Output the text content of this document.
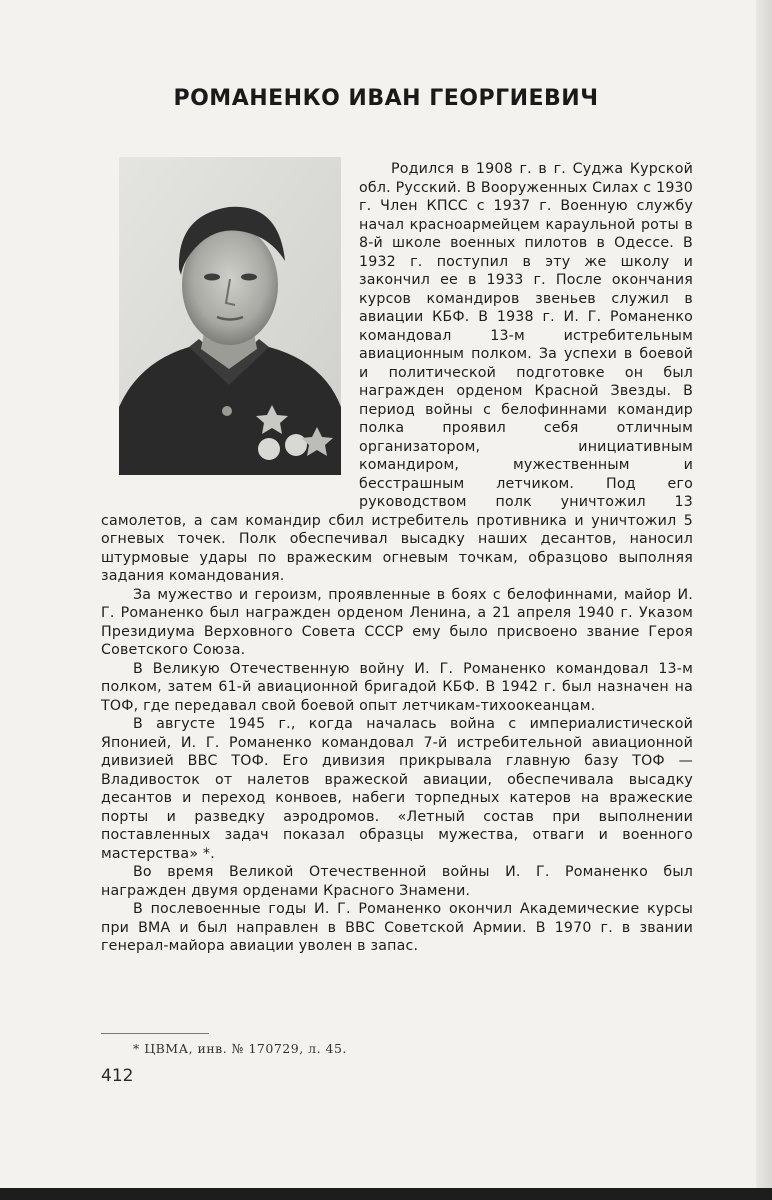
РОМАНЕНКО ИВАН ГЕОРГИЕВИЧ

Родился в 1908 г. в г. Суджа Курской обл. Русский. В Вооруженных Силах с 1930 г. Член КПСС с 1937 г. Военную службу начал красноармейцем караульной роты в 8-й школе военных пилотов в Одессе. В 1932 г. поступил в эту же школу и закончил ее в 1933 г. После окончания курсов командиров звеньев служил в авиации КБФ. В 1938 г. И. Г. Романенко командовал 13-м истребительным авиационным полком. За успехи в боевой и политической подготовке он был награжден орденом Красной Звезды. В период войны с белофиннами командир полка проявил себя отличным организатором, инициативным командиром, мужественным и бесстрашным летчиком. Под его руководством полк уничтожил 13 самолетов, а сам командир сбил истребитель противника и уничтожил 5 огневых точек. Полк обеспечивал высадку наших десантов, наносил штурмовые удары по вражеским огневым точкам, образцово выполняя задания командования.

За мужество и героизм, проявленные в боях с белофиннами, майор И. Г. Романенко был награжден орденом Ленина, а 21 апреля 1940 г. Указом Президиума Верховного Совета СССР ему было присвоено звание Героя Советского Союза.

В Великую Отечественную войну И. Г. Романенко командовал 13-м полком, затем 61-й авиационной бригадой КБФ. В 1942 г. был назначен на ТОФ, где передавал свой боевой опыт летчикам-тихоокеанцам.

В августе 1945 г., когда началась война с империалистической Японией, И. Г. Романенко командовал 7-й истребительной авиационной дивизией ВВС ТОФ. Его дивизия прикрывала главную базу ТОФ — Владивосток от налетов вражеской авиации, обеспечивала высадку десантов и переход конвоев, набеги торпедных катеров на вражеские порты и разведку аэродромов. «Летный состав при выполнении поставленных задач показал образцы мужества, отваги и военного мастерства» *.

Во время Великой Отечественной войны И. Г. Романенко был награжден двумя орденами Красного Знамени.

В послевоенные годы И. Г. Романенко окончил Академические курсы при ВМА и был направлен в ВВС Советской Армии. В 1970 г. в звании генерал-майора авиации уволен в запас.

* ЦВМА, инв. № 170729, л. 45.
412
